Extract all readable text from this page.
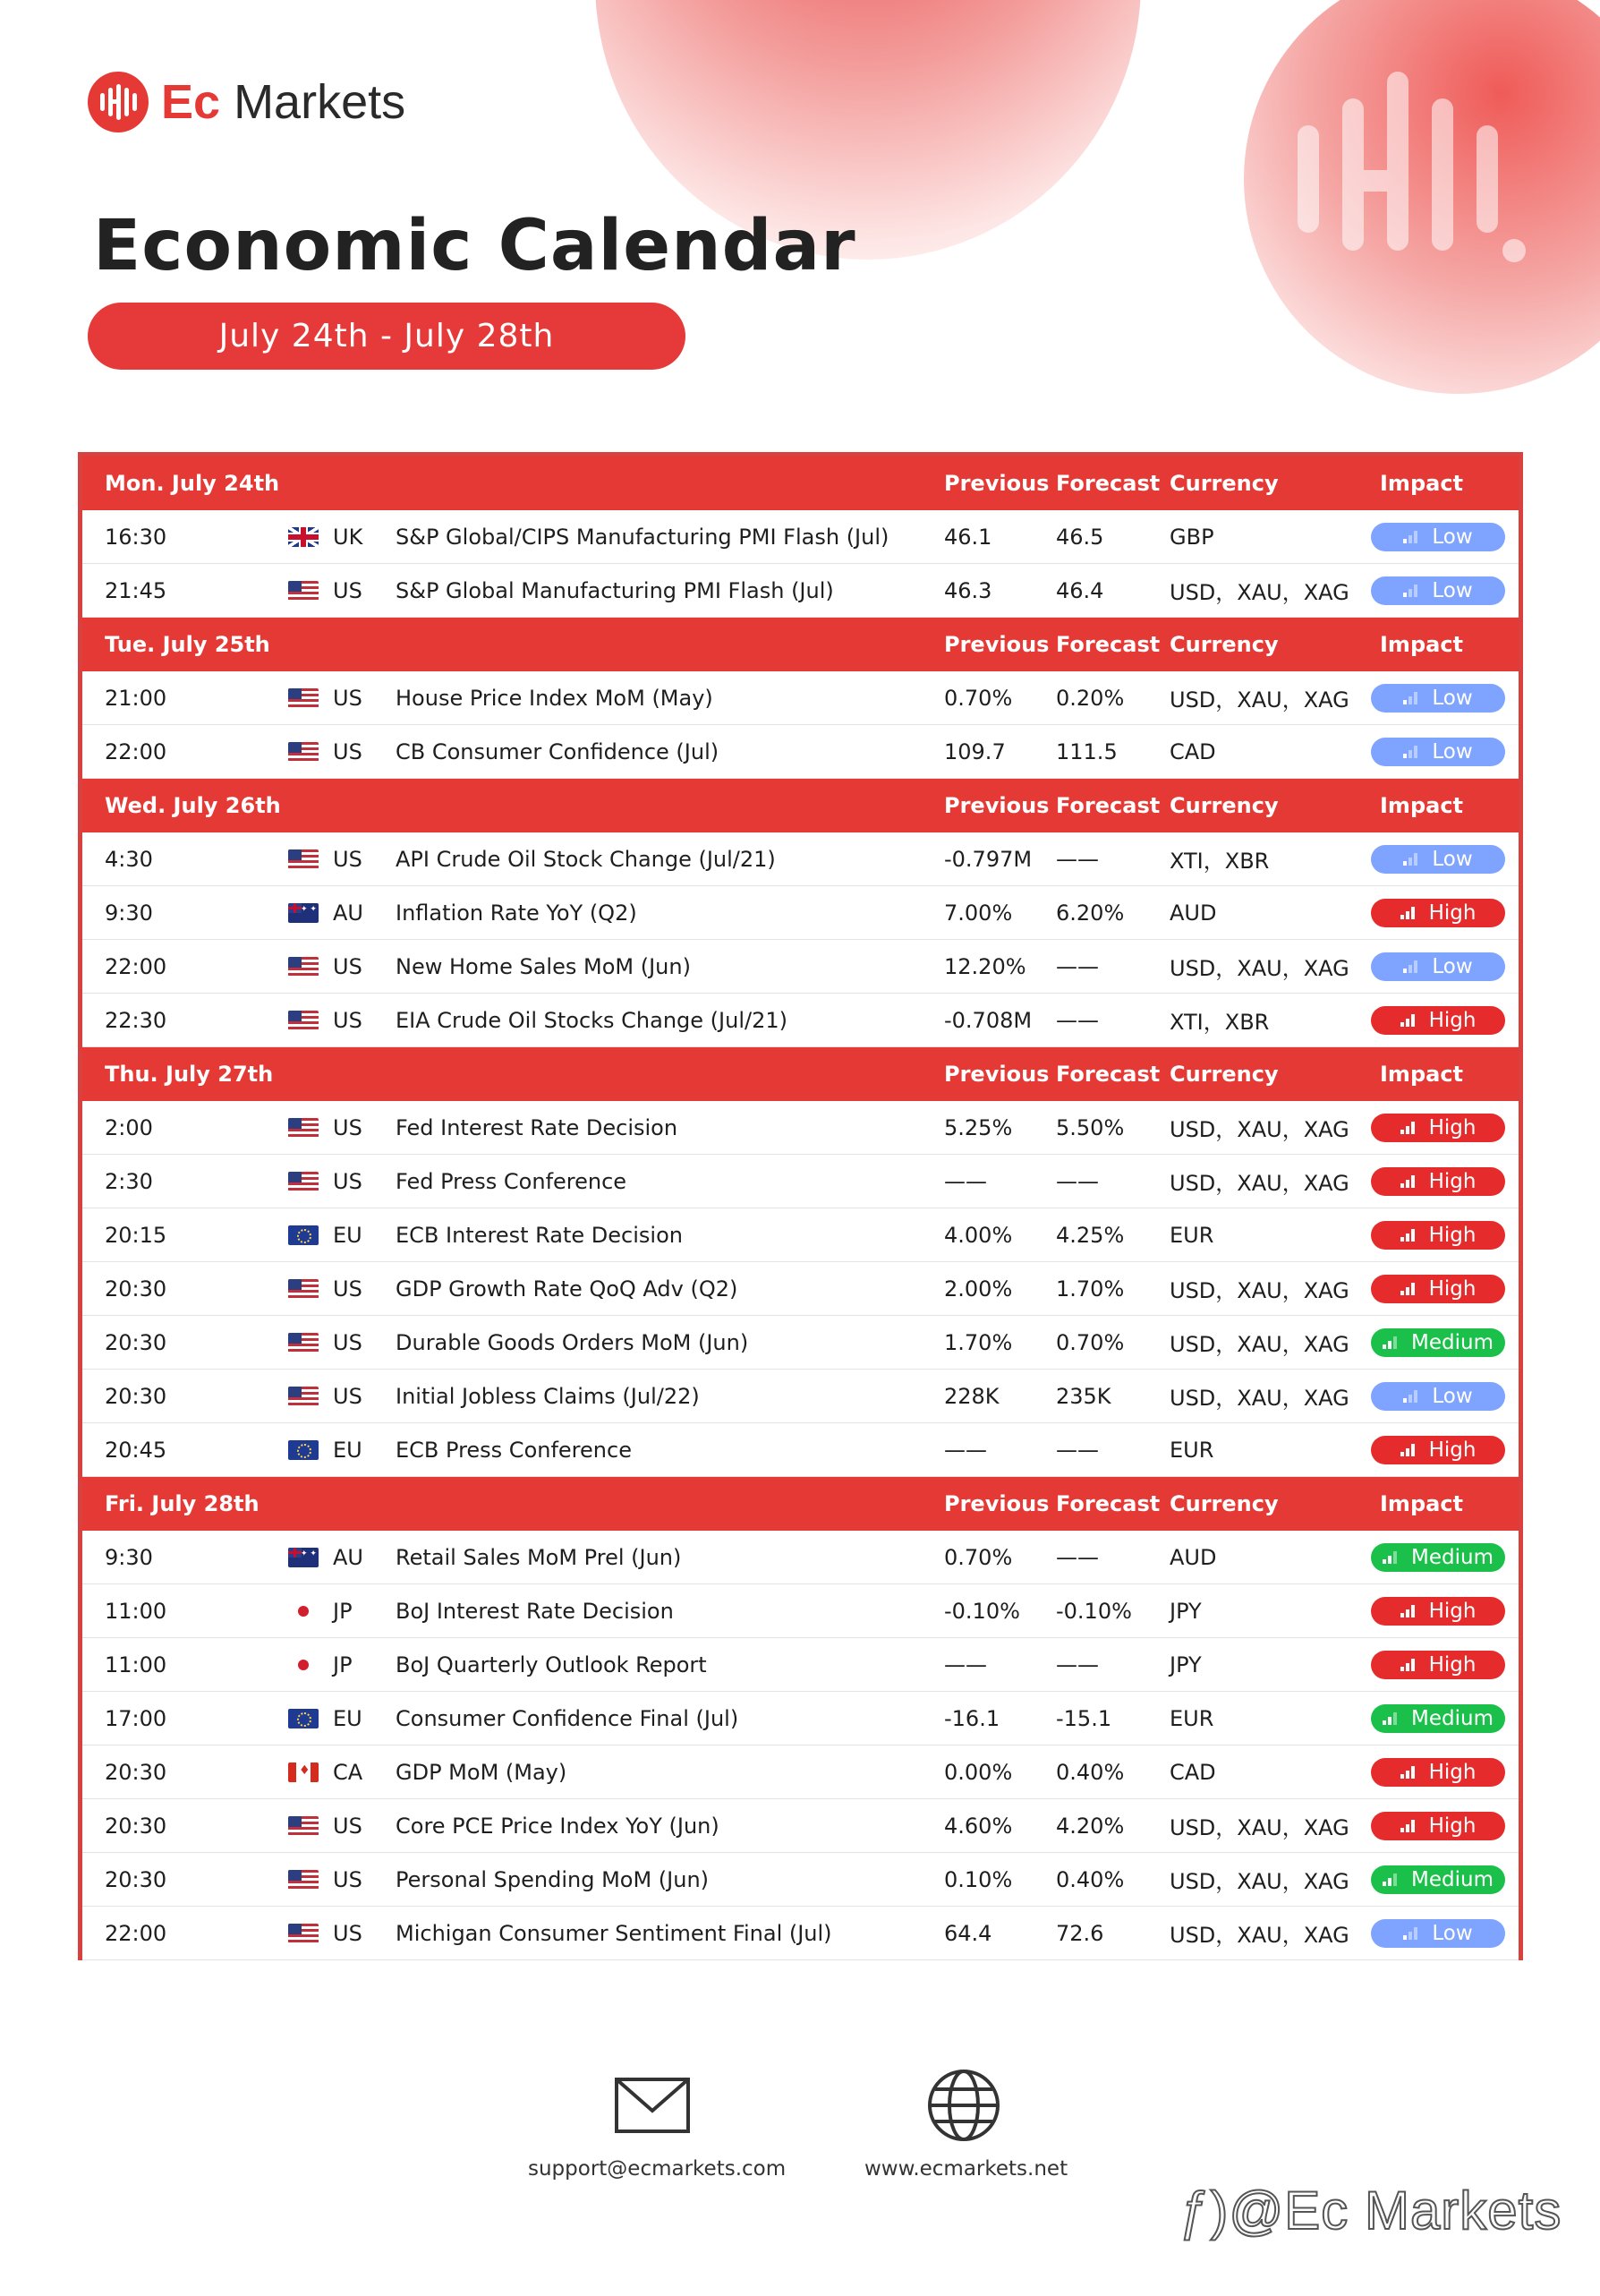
Ec Markets
Economic Calendar
July 24th - July 28th
Mon. July 24th	Previous Forecast Currency	Impact
16:30	UK S&P Global/CIPS Manufacturing PMI Flash (Jul)	46.1	46.5	GBP	Low
21:45	US S&P Global Manufacturing PMI Flash (Jul)	46.3	46.4	USD，XAU，XAG	Low
Tue. July 25th	Previous Forecast Currency	Impact
21:00	US House Price Index MoM (May)	0.70% 0.20% USD，XAU，XAG	Low
22:00	US CB Consumer Confidence (Jul)	109.7 111.5 CAD	Low
Wed. July 26th	Previous Forecast Currency	Impact
4:30	US API Crude Oil Stock Change (Jul/21)	-0.797M ——	XTI，XBR	Low
9:30 ✦ ✦	AU Inflation Rate YoY (Q2)	7.00% 6.20% AUD	High
22:00	US New Home Sales MoM (Jun)	12.20% ——	USD，XAU，XAG	Low
22:30	US EIA Crude Oil Stocks Change (Jul/21)	-0.708M ——	XTI，XBR	High
Thu. July 27th	Previous Forecast Currency	Impact
2:00	US Fed Interest Rate Decision	5.25% 5.50% USD，XAU，XAG	High
2:30	US Fed Press Conference	——	——	USD，XAU，XAG	High
20:15	EU ECB Interest Rate Decision	4.00% 4.25% EUR	High
20:30	US GDP Growth Rate QoQ Adv (Q2)	2.00% 1.70% USD，XAU，XAG	High
20:30	US Durable Goods Orders MoM (Jun)	1.70% 0.70% USD，XAU，XAG	Medium
20:30	US Initial Jobless Claims (Jul/22)	228K	235K	USD，XAU，XAG	Low
20:45	EU ECB Press Conference	——	——	EUR	High
Fri. July 28th	Previous Forecast Currency	Impact
9:30 ✦ ✦	AU Retail Sales MoM Prel (Jun)	0.70% ——	AUD	Medium
11:00	JP BoJ Interest Rate Decision	-0.10% -0.10% JPY	High
11:00	JP BoJ Quarterly Outlook Report	——	——	JPY	High
17:00	EU Consumer Confidence Final (Jul)	-16.1	-15.1	EUR	Medium
20:30 ♦	CA GDP MoM (May)	0.00% 0.40% CAD	High
20:30	US Core PCE Price Index YoY (Jun)	4.60% 4.20% USD，XAU，XAG	High
20:30	US Personal Spending MoM (Jun)	0.10% 0.40% USD，XAU，XAG	Medium
22:00	US Michigan Consumer Sentiment Final (Jul)	64.4	72.6	USD，XAU，XAG	Low
support@ecmarkets.com	www.ecmarkets.net
ƒ)@Ec Markets
